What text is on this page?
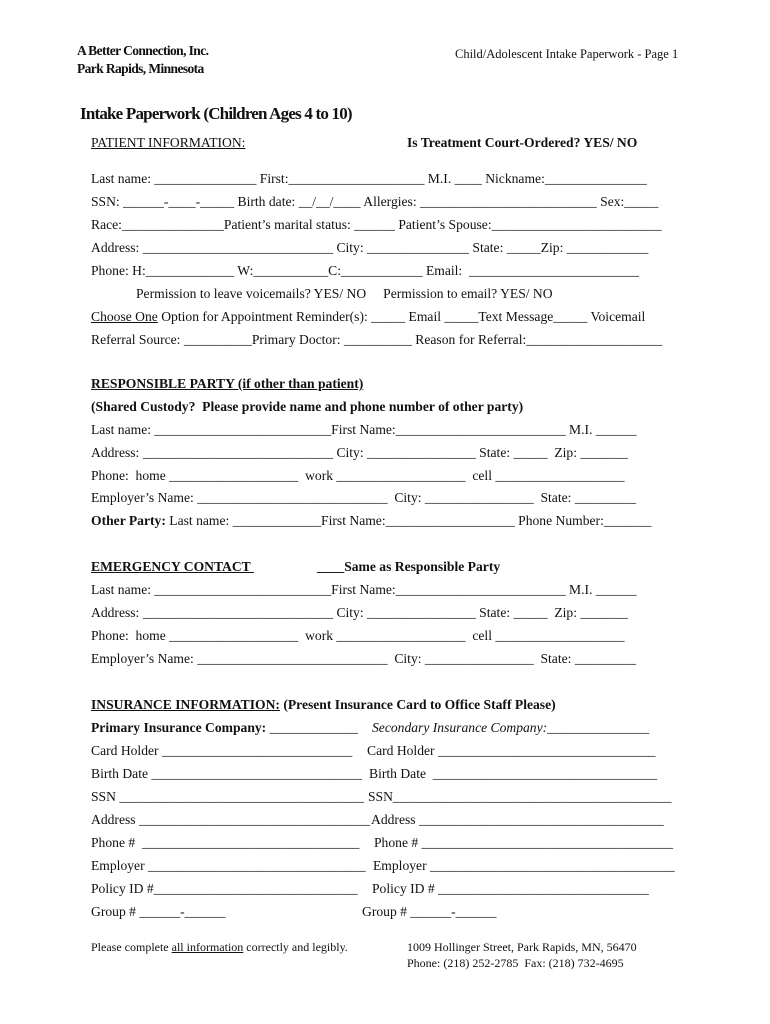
A Better Connection, Inc.
Park Rapids, Minnesota
Child/Adolescent Intake Paperwork - Page 1
Intake Paperwork (Children Ages 4 to 10)
PATIENT INFORMATION:	Is Treatment Court-Ordered? YES/ NO
Last name: _______________ First:____________________ M.I. ____ Nickname:_______________
SSN: ______-____-_____ Birth date: __/__/____ Allergies: __________________________ Sex:_____
Race:_______________Patient’s marital status: ______ Patient’s Spouse:_________________________
Address: ____________________________ City: _______________ State: _____Zip: ____________
Phone: H:_____________ W:___________C:____________ Email:  _________________________
Permission to leave voicemails? YES/ NO     Permission to email? YES/ NO
Choose One Option for Appointment Reminder(s): _____ Email _____Text Message_____ Voicemail
Referral Source: __________Primary Doctor: __________ Reason for Referral:____________________
RESPONSIBLE PARTY (if other than patient)
(Shared Custody?  Please provide name and phone number of other party)
Last name: __________________________First Name:_________________________ M.I. ______
Address: ____________________________ City: ________________ State: _____  Zip: _______
Phone:  home ___________________  work ___________________  cell ___________________
Employer’s Name: ____________________________  City: ________________  State: _________
Other Party: Last name: _____________First Name:___________________ Phone Number:_______
EMERGENCY CONTACT	____Same as Responsible Party
Last name: __________________________First Name:_________________________ M.I. ______
Address: ____________________________ City: ________________ State: _____  Zip: _______
Phone:  home ___________________  work ___________________  cell ___________________
Employer’s Name: ____________________________  City: ________________  State: _________
INSURANCE INFORMATION: (Present Insurance Card to Office Staff Please)
Primary Insurance Company: _____________ Secondary Insurance Company:_______________
Card Holder ____________________________ Card Holder ________________________________
Birth Date _______________________________ Birth Date  _________________________________
SSN ____________________________________ SSN_________________________________________
Address __________________________________ Address ____________________________________
Phone #  ________________________________ Phone # _____________________________________
Employer ________________________________ Employer ____________________________________
Policy ID #______________________________ Policy ID # _______________________________
Group # ______-______	Group # ______-______
Please complete all information correctly and legibly.	1009 Hollinger Street, Park Rapids, MN, 56470
Phone: (218) 252-2785  Fax: (218) 732-4695
